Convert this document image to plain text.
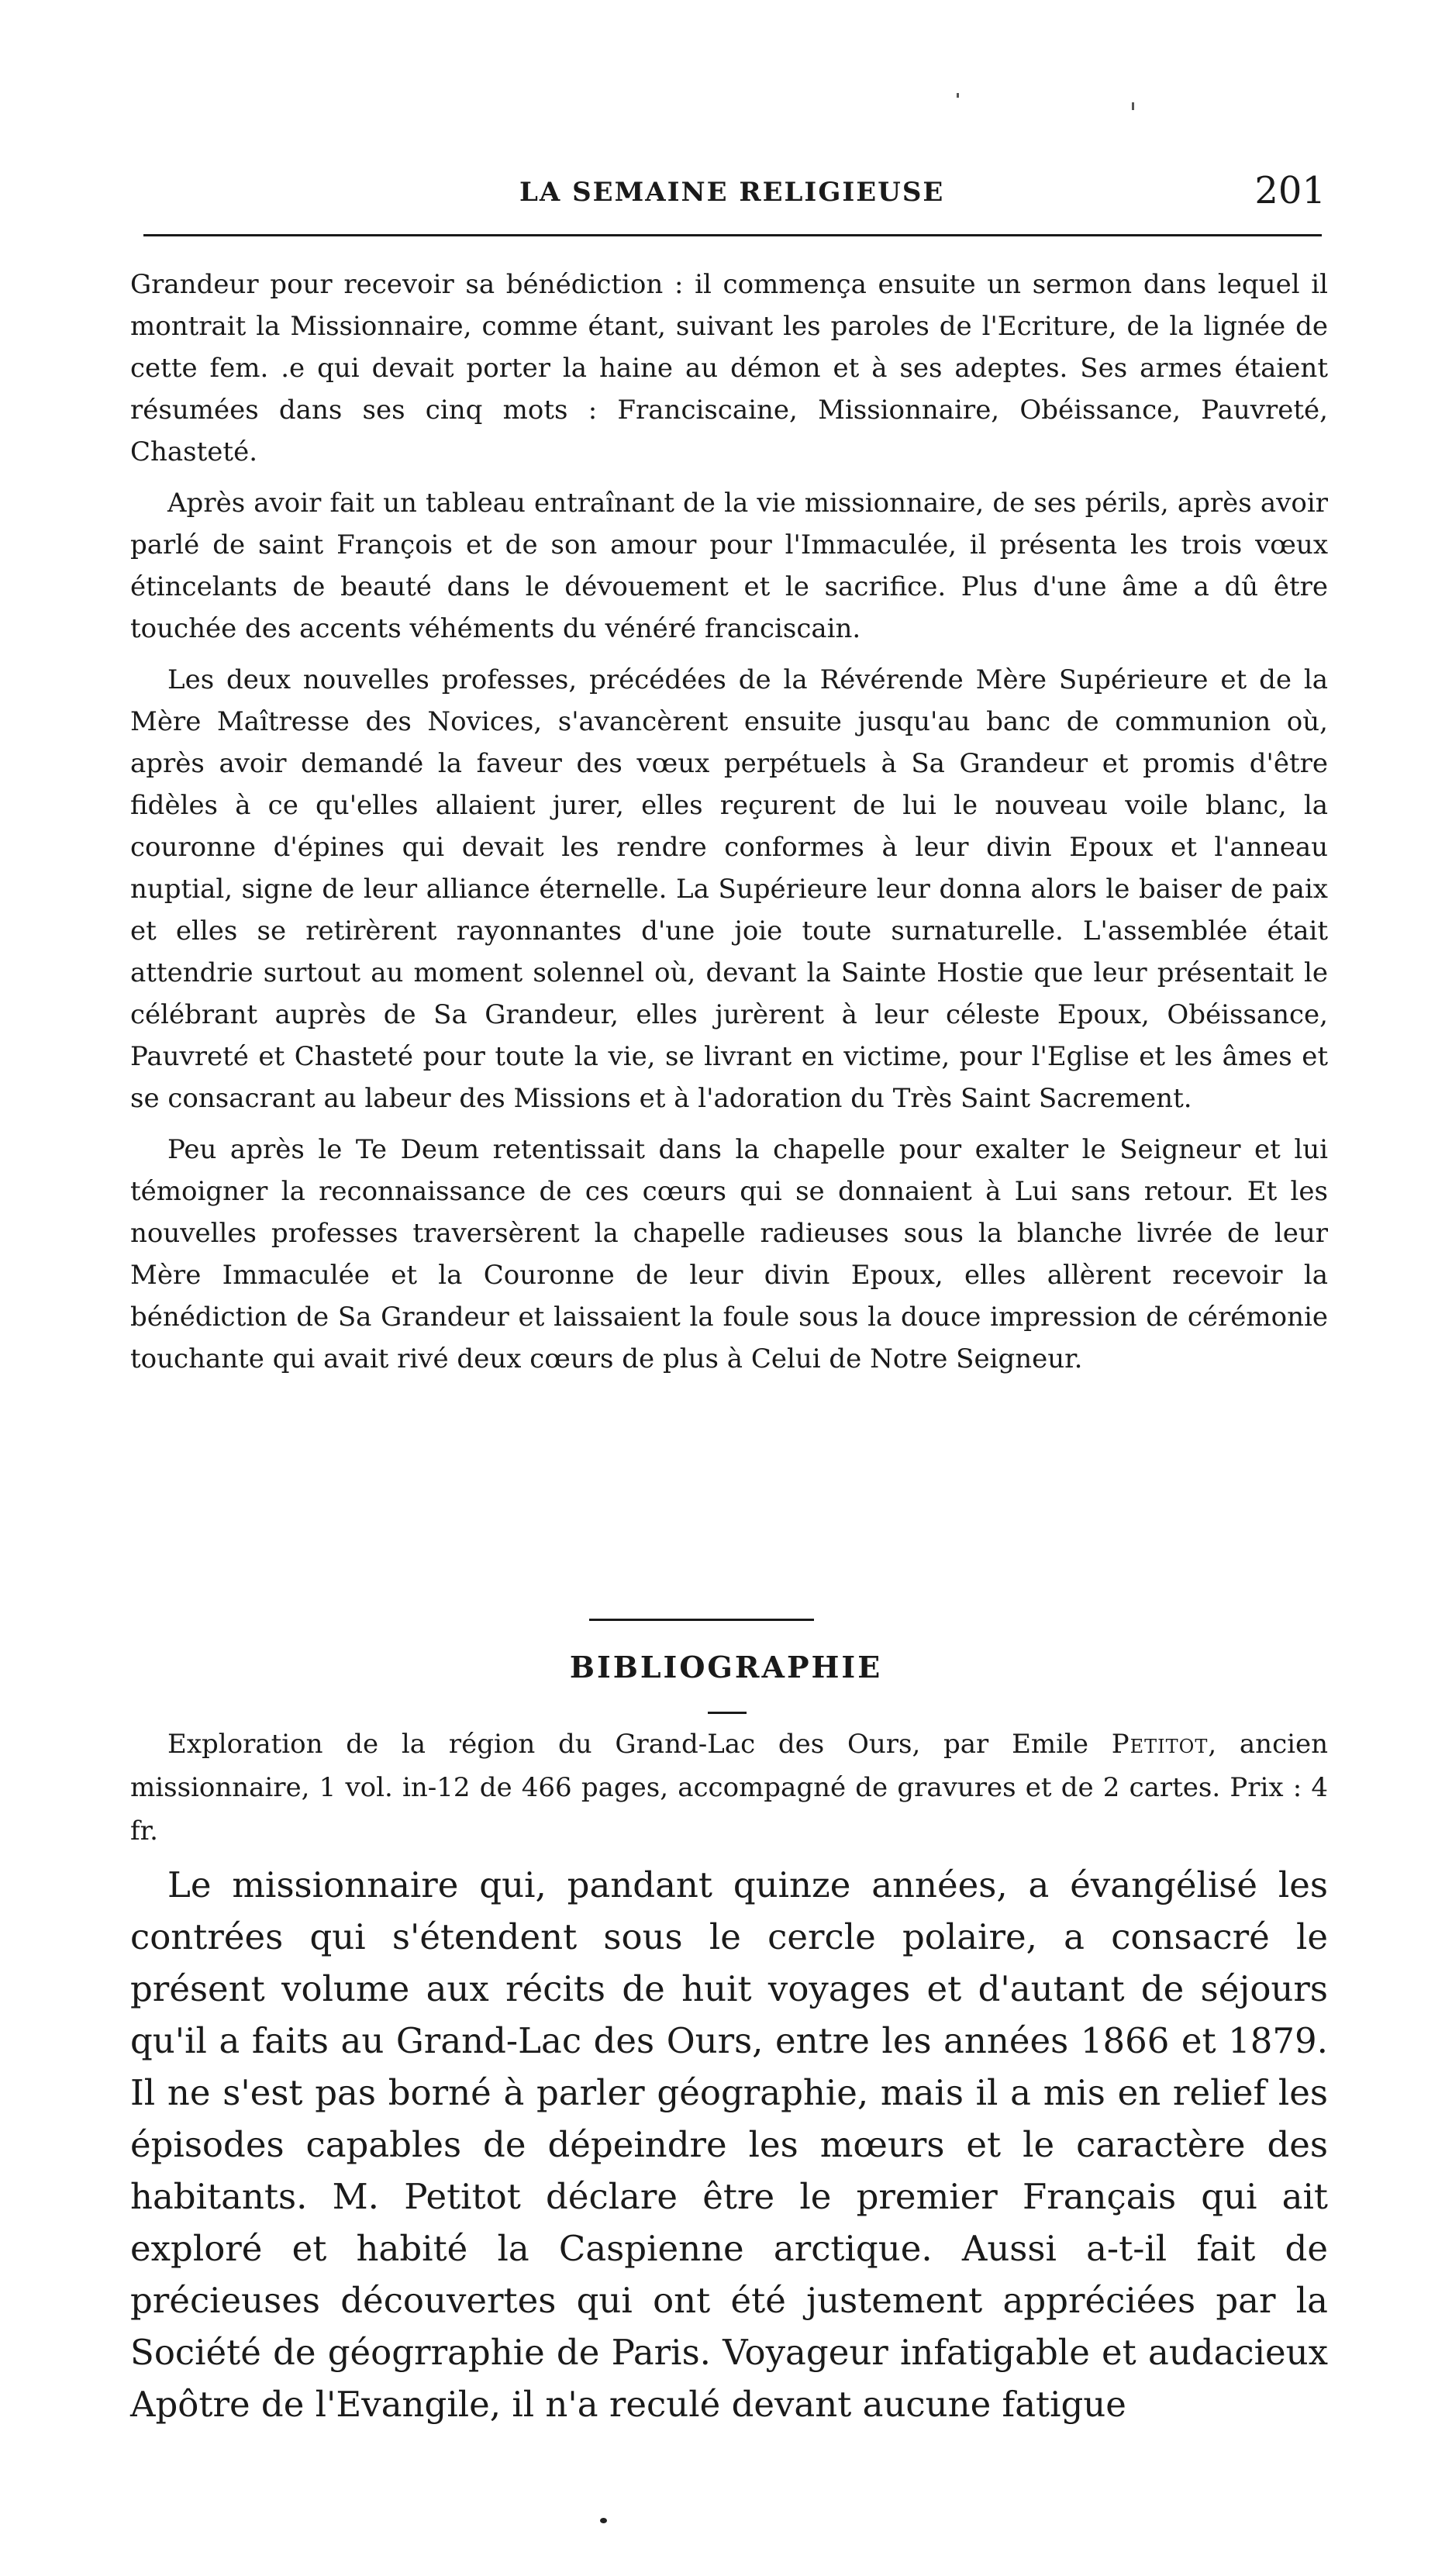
LA SEMAINE RELIGIEUSE	201

Grandeur pour recevoir sa bénédiction : il commença ensuite un sermon dans lequel il montrait la Missionnaire, comme étant, suivant les paroles de l'Ecriture, de la lignée de cette fem. .e qui devait porter la haine au démon et à ses adeptes. Ses armes étaient résumées dans ses cinq mots : Franciscaine, Missionnaire, Obéissance, Pauvreté, Chasteté.

Après avoir fait un tableau entraînant de la vie missionnaire, de ses périls, après avoir parlé de saint François et de son amour pour l'Immaculée, il présenta les trois vœux étincelants de beauté dans le dévouement et le sacrifice. Plus d'une âme a dû être touchée des accents véhéments du vénéré franciscain.

Les deux nouvelles professes, précédées de la Révérende Mère Supérieure et de la Mère Maîtresse des Novices, s'avancèrent ensuite jusqu'au banc de communion où, après avoir demandé la faveur des vœux perpétuels à Sa Grandeur et promis d'être fidèles à ce qu'elles allaient jurer, elles reçurent de lui le nouveau voile blanc, la couronne d'épines qui devait les rendre conformes à leur divin Epoux et l'anneau nuptial, signe de leur alliance éternelle. La Supérieure leur donna alors le baiser de paix et elles se retirèrent rayonnantes d'une joie toute surnaturelle. L'assemblée était attendrie surtout au moment solennel où, devant la Sainte Hostie que leur présentait le célébrant auprès de Sa Grandeur, elles jurèrent à leur céleste Epoux, Obéissance, Pauvreté et Chasteté pour toute la vie, se livrant en victime, pour l'Eglise et les âmes et se consacrant au labeur des Missions et à l'adoration du Très Saint Sacrement.

Peu après le Te Deum retentissait dans la chapelle pour exalter le Seigneur et lui témoigner la reconnaissance de ces cœurs qui se donnaient à Lui sans retour. Et les nouvelles professes traversèrent la chapelle radieuses sous la blanche livrée de leur Mère Immaculée et la Couronne de leur divin Epoux, elles allèrent recevoir la bénédiction de Sa Grandeur et laissaient la foule sous la douce impression de cérémonie touchante qui avait rivé deux cœurs de plus à Celui de Notre Seigneur.

BIBLIOGRAPHIE

Exploration de la région du Grand-Lac des Ours, par Emile Petitot, ancien missionnaire, 1 vol. in-12 de 466 pages, accompagné de gravures et de 2 cartes. Prix : 4 fr.

Le missionnaire qui, pandant quinze années, a évangélisé les contrées qui s'étendent sous le cercle polaire, a consacré le présent volume aux récits de huit voyages et d'autant de séjours qu'il a faits au Grand-Lac des Ours, entre les années 1866 et 1879. Il ne s'est pas borné à parler géographie, mais il a mis en relief les épisodes capables de dépeindre les mœurs et le caractère des habitants. M. Petitot déclare être le premier Français qui ait exploré et habité la Caspienne arctique. Aussi a-t-il fait de précieuses découvertes qui ont été justement appréciées par la Société de géogrraphie de Paris. Voyageur infatigable et audacieux Apôtre de l'Evangile, il n'a reculé devant aucune fatigue
